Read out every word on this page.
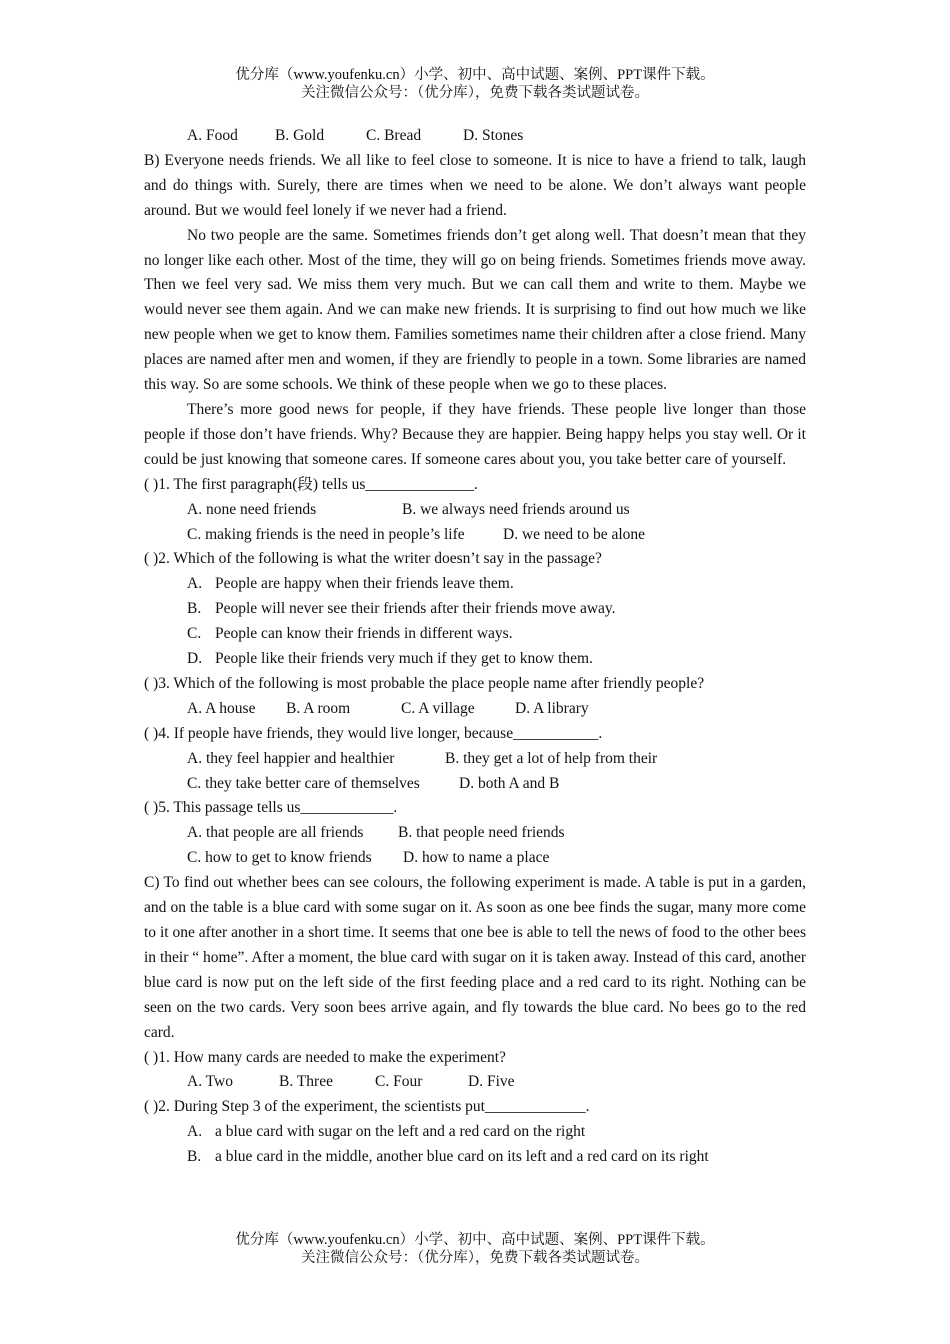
优分库（www.youfenku.cn）小学、初中、高中试题、案例、PPT课件下载。
关注微信公众号：（优分库），免费下载各类试题试卷。
A. Food	B. Gold	C. Bread	D. Stones

B) Everyone needs friends. We all like to feel close to someone. It is nice to have a friend to talk, laugh and do things with. Surely, there are times when we need to be alone. We don’t always want people around. But we would feel lonely if we never had a friend.

No two people are the same. Sometimes friends don’t get along well. That doesn’t mean that they no longer like each other. Most of the time, they will go on being friends. Sometimes friends move away. Then we feel very sad. We miss them very much. But we can call them and write to them. Maybe we would never see them again. And we can make new friends. It is surprising to find out how much we like new people when we get to know them. Families sometimes name their children after a close friend. Many places are named after men and women, if they are friendly to people in a town. Some libraries are named this way. So are some schools. We think of these people when we go to these places.

There’s more good news for people, if they have friends. These people live longer than those people if those don’t have friends. Why? Because they are happier. Being happy helps you stay well. Or it could be just knowing that someone cares. If someone cares about you, you take better care of yourself.

( )1. The first paragraph(段) tells us______________.
A. none need friends	B. we always need friends around us
C. making friends is the need in people’s life	D. we need to be alone
( )2. Which of the following is what the writer doesn’t say in the passage?
A. People are happy when their friends leave them.
B. People will never see their friends after their friends move away.
C. People can know their friends in different ways.
D. People like their friends very much if they get to know them.
( )3. Which of the following is most probable the place people name after friendly people?
A. A house	B. A room	C. A village	D. A library
( )4. If people have friends, they would live longer, because___________.
A. they feel happier and healthier	B. they get a lot of help from their
C. they take better care of themselves	D. both A and B
( )5. This passage tells us____________.
A. that people are all friends	B. that people need friends
C. how to get to know friends	D. how to name a place

C) To find out whether bees can see colours, the following experiment is made. A table is put in a garden, and on the table is a blue card with some sugar on it. As soon as one bee finds the sugar, many more come to it one after another in a short time. It seems that one bee is able to tell the news of food to the other bees in their “ home”. After a moment, the blue card with sugar on it is taken away. Instead of this card, another blue card is now put on the left side of the first feeding place and a red card to its right. Nothing can be seen on the two cards. Very soon bees arrive again, and fly towards the blue card. No bees go to the red card.

( )1. How many cards are needed to make the experiment?
A. Two	B. Three	C. Four	D. Five
( )2. During Step 3 of the experiment, the scientists put_____________.
A. a blue card with sugar on the left and a red card on the right
B. a blue card in the middle, another blue card on its left and a red card on its right
优分库（www.youfenku.cn）小学、初中、高中试题、案例、PPT课件下载。
关注微信公众号：（优分库），免费下载各类试题试卷。
